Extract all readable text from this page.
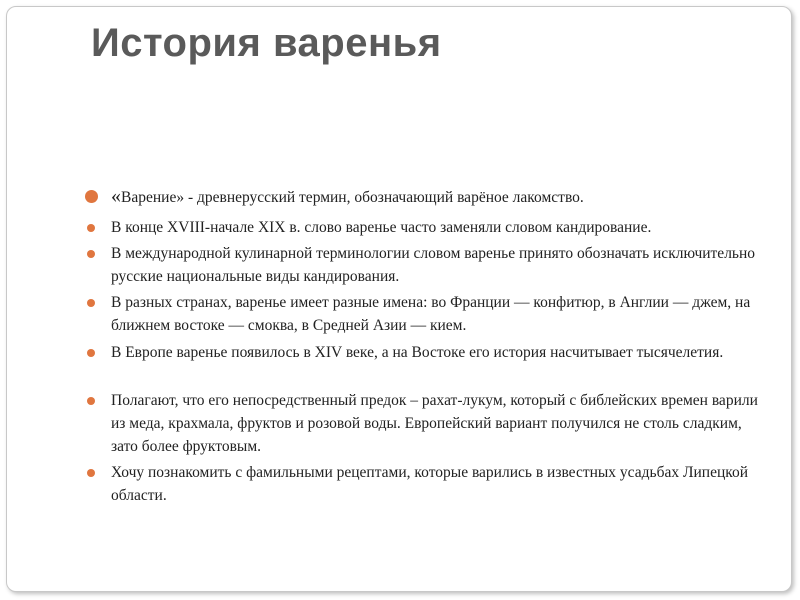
История варенья
«Варение» - древнерусский термин, обозначающий варёное лакомство.
В конце XVIII-начале XIX в. слово варенье часто заменяли словом кандирование.
В международной кулинарной терминологии словом варенье принято обозначать исключительно русские национальные виды кандирования.
В разных странах, варенье имеет разные имена: во Франции — конфитюр, в Англии — джем, на ближнем востоке — смоква, в Средней Азии — кием.
В Европе варенье появилось в XIV веке, а на Востоке его история насчитывает тысячелетия.
Полагают, что его непосредственный предок – рахат-лукум, который с библейских времен варили из меда, крахмала, фруктов и розовой воды. Европейский вариант получился не столь сладким, зато более фруктовым.
Хочу познакомить с фамильными рецептами, которые варились в известных усадьбах Липецкой области.
